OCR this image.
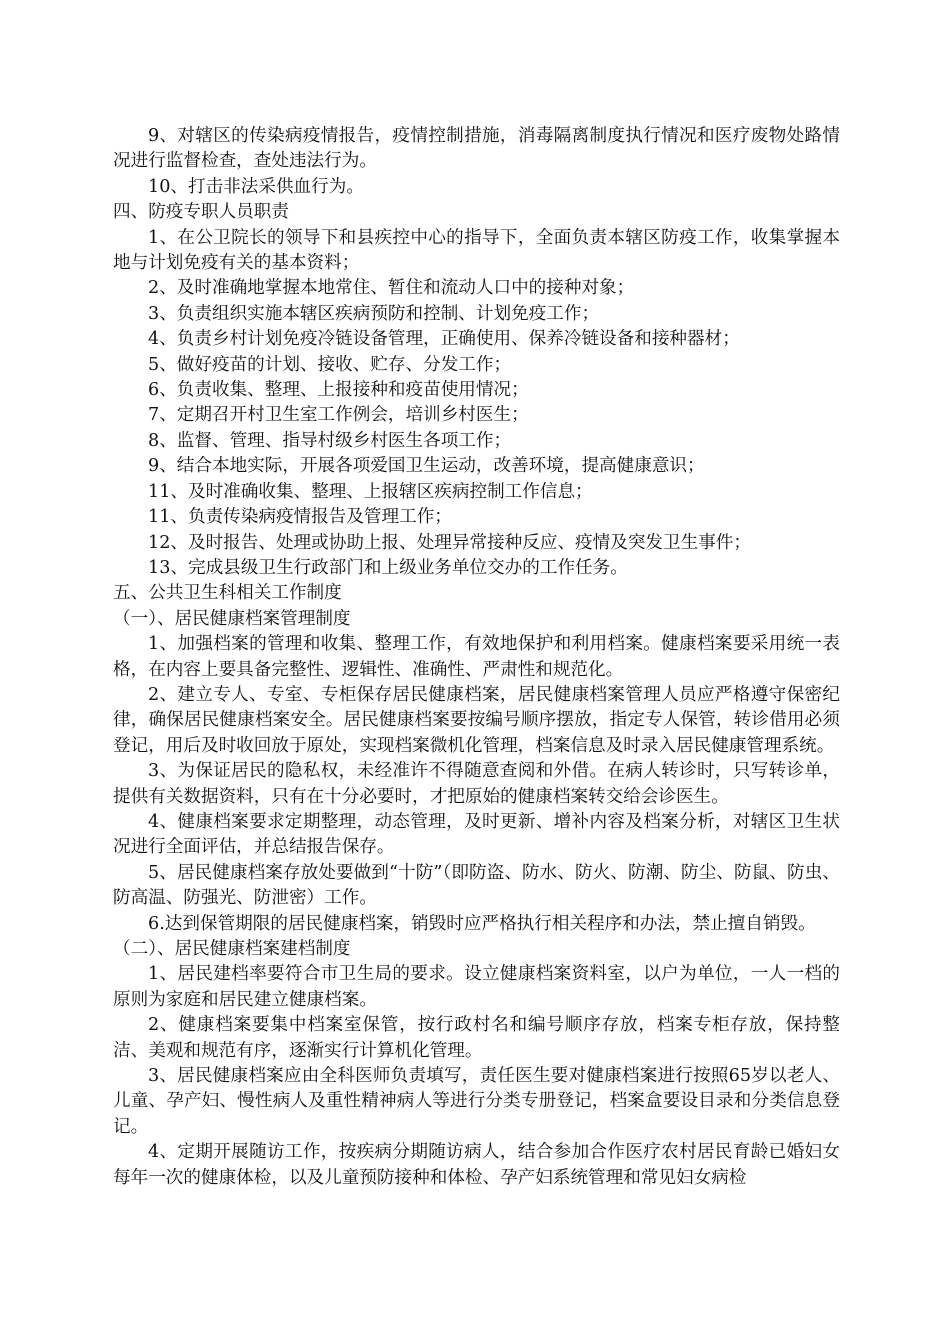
9、对辖区的传染病疫情报告，疫情控制措施，消毒隔离制度执行情况和医疗废物处路情况进行监督检查，查处违法行为。

10、打击非法采供血行为。

四、防疫专职人员职责

1、在公卫院长的领导下和县疾控中心的指导下，全面负责本辖区防疫工作，收集掌握本地与计划免疫有关的基本资料；

2、及时准确地掌握本地常住、暂住和流动人口中的接种对象；

3、负责组织实施本辖区疾病预防和控制、计划免疫工作；

4、负责乡村计划免疫冷链设备管理，正确使用、保养冷链设备和接种器材；

5、做好疫苗的计划、接收、贮存、分发工作；

6、负责收集、整理、上报接种和疫苗使用情况；

7、定期召开村卫生室工作例会，培训乡村医生；

8、监督、管理、指导村级乡村医生各项工作；

9、结合本地实际，开展各项爱国卫生运动，改善环境，提高健康意识；

11、及时准确收集、整理、上报辖区疾病控制工作信息；

11、负责传染病疫情报告及管理工作；

12、及时报告、处理或协助上报、处理异常接种反应、疫情及突发卫生事件；

13、完成县级卫生行政部门和上级业务单位交办的工作任务。

五、公共卫生科相关工作制度

（一）、居民健康档案管理制度

1、加强档案的管理和收集、整理工作，有效地保护和利用档案。健康档案要采用统一表格，在内容上要具备完整性、逻辑性、准确性、严肃性和规范化。

2、建立专人、专室、专柜保存居民健康档案，居民健康档案管理人员应严格遵守保密纪律，确保居民健康档案安全。居民健康档案要按编号顺序摆放，指定专人保管，转诊借用必须登记，用后及时收回放于原处，实现档案微机化管理，档案信息及时录入居民健康管理系统。

3、为保证居民的隐私权，未经准许不得随意查阅和外借。在病人转诊时，只写转诊单，提供有关数据资料，只有在十分必要时，才把原始的健康档案转交给会诊医生。

4、健康档案要求定期整理，动态管理，及时更新、增补内容及档案分析，对辖区卫生状况进行全面评估，并总结报告保存。

5、居民健康档案存放处要做到“十防”（即防盗、防水、防火、防潮、防尘、防鼠、防虫、防高温、防强光、防泄密）工作。

6.达到保管期限的居民健康档案，销毁时应严格执行相关程序和办法，禁止擅自销毁。

（二）、居民健康档案建档制度

1、居民建档率要符合市卫生局的要求。设立健康档案资料室，以户为单位，一人一档的原则为家庭和居民建立健康档案。

2、健康档案要集中档案室保管，按行政村名和编号顺序存放，档案专柜存放，保持整洁、美观和规范有序，逐渐实行计算机化管理。

3、居民健康档案应由全科医师负责填写，责任医生要对健康档案进行按照65岁以老人、儿童、孕产妇、慢性病人及重性精神病人等进行分类专册登记，档案盒要设目录和分类信息登记。

4、定期开展随访工作，按疾病分期随访病人，结合参加合作医疗农村居民育龄已婚妇女每年一次的健康体检，以及儿童预防接种和体检、孕产妇系统管理和常见妇女病检
